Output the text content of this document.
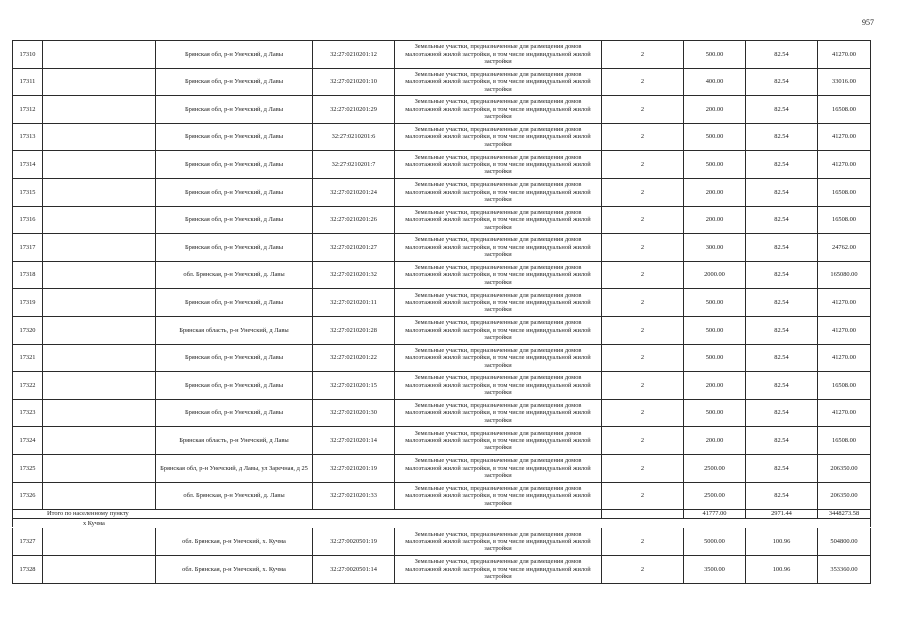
957
17310		Брянская обл, р-н Унечский, д Лавы	32:27:0210201:12	Земельные участки, предназначенные для размещения домов малоэтажной жилой застройки, в том числе индивидуальной жилой застройки	2	500.00	82.54	41270.00
17311		Брянская обл, р-н Унечский, д Лавы	32:27:0210201:10	Земельные участки, предназначенные для размещения домов малоэтажной жилой застройки, в том числе индивидуальной жилой застройки	2	400.00	82.54	33016.00
17312		Брянская обл, р-н Унечский, д Лавы	32:27:0210201:29	Земельные участки, предназначенные для размещения домов малоэтажной жилой застройки, в том числе индивидуальной жилой застройки	2	200.00	82.54	16508.00
17313		Брянская обл, р-н Унечский, д Лавы	32:27:0210201:6	Земельные участки, предназначенные для размещения домов малоэтажной жилой застройки, в том числе индивидуальной жилой застройки	2	500.00	82.54	41270.00
17314		Брянская обл, р-н Унечский, д Лавы	32:27:0210201:7	Земельные участки, предназначенные для размещения домов малоэтажной жилой застройки, в том числе индивидуальной жилой застройки	2	500.00	82.54	41270.00
17315		Брянская обл, р-н Унечский, д Лавы	32:27:0210201:24	Земельные участки, предназначенные для размещения домов малоэтажной жилой застройки, в том числе индивидуальной жилой застройки	2	200.00	82.54	16508.00
17316		Брянская обл, р-н Унечский, д Лавы	32:27:0210201:26	Земельные участки, предназначенные для размещения домов малоэтажной жилой застройки, в том числе индивидуальной жилой застройки	2	200.00	82.54	16508.00
17317		Брянская обл, р-н Унечский, д Лавы	32:27:0210201:27	Земельные участки, предназначенные для размещения домов малоэтажной жилой застройки, в том числе индивидуальной жилой застройки	2	300.00	82.54	24762.00
17318		обл. Брянская, р-н Унечский, д. Лавы	32:27:0210201:32	Земельные участки, предназначенные для размещения домов малоэтажной жилой застройки, в том числе индивидуальной жилой застройки	2	2000.00	82.54	165080.00
17319		Брянская обл, р-н Унечский, д Лавы	32:27:0210201:11	Земельные участки, предназначенные для размещения домов малоэтажной жилой застройки, в том числе индивидуальной жилой застройки	2	500.00	82.54	41270.00
17320		Брянская область, р-н Унечский, д Лавы	32:27:0210201:28	Земельные участки, предназначенные для размещения домов малоэтажной жилой застройки, в том числе индивидуальной жилой застройки	2	500.00	82.54	41270.00
17321		Брянская обл, р-н Унечский, д Лавы	32:27:0210201:22	Земельные участки, предназначенные для размещения домов малоэтажной жилой застройки, в том числе индивидуальной жилой застройки	2	500.00	82.54	41270.00
17322		Брянская обл, р-н Унечский, д Лавы	32:27:0210201:15	Земельные участки, предназначенные для размещения домов малоэтажной жилой застройки, в том числе индивидуальной жилой застройки	2	200.00	82.54	16508.00
17323		Брянская обл, р-н Унечский, д Лавы	32:27:0210201:30	Земельные участки, предназначенные для размещения домов малоэтажной жилой застройки, в том числе индивидуальной жилой застройки	2	500.00	82.54	41270.00
17324		Брянская область, р-н Унечский, д Лавы	32:27:0210201:14	Земельные участки, предназначенные для размещения домов малоэтажной жилой застройки, в том числе индивидуальной жилой застройки	2	200.00	82.54	16508.00
17325		Брянская обл, р-н Унечский, д Лавы, ул Заречная, д 25	32:27:0210201:19	Земельные участки, предназначенные для размещения домов малоэтажной жилой застройки, в том числе индивидуальной жилой застройки	2	2500.00	82.54	206350.00
17326		обл. Брянская, р-н Унечский, д. Лавы	32:27:0210201:33	Земельные участки, предназначенные для размещения домов малоэтажной жилой застройки, в том числе индивидуальной жилой застройки	2	2500.00	82.54	206350.00
Итого по населенному пункту						41777.00	2971.44	3448273.58
х Кучма								
17327		обл. Брянская, р-н Унечский, х. Кучма	32:27:0020501:19	Земельные участки, предназначенные для размещения домов малоэтажной жилой застройки, в том числе индивидуальной жилой застройки	2	5000.00	100.96	504800.00
17328		обл. Брянская, р-н Унечский, х. Кучма	32:27:0020501:14	Земельные участки, предназначенные для размещения домов малоэтажной жилой застройки, в том числе индивидуальной жилой застройки	2	3500.00	100.96	353360.00
